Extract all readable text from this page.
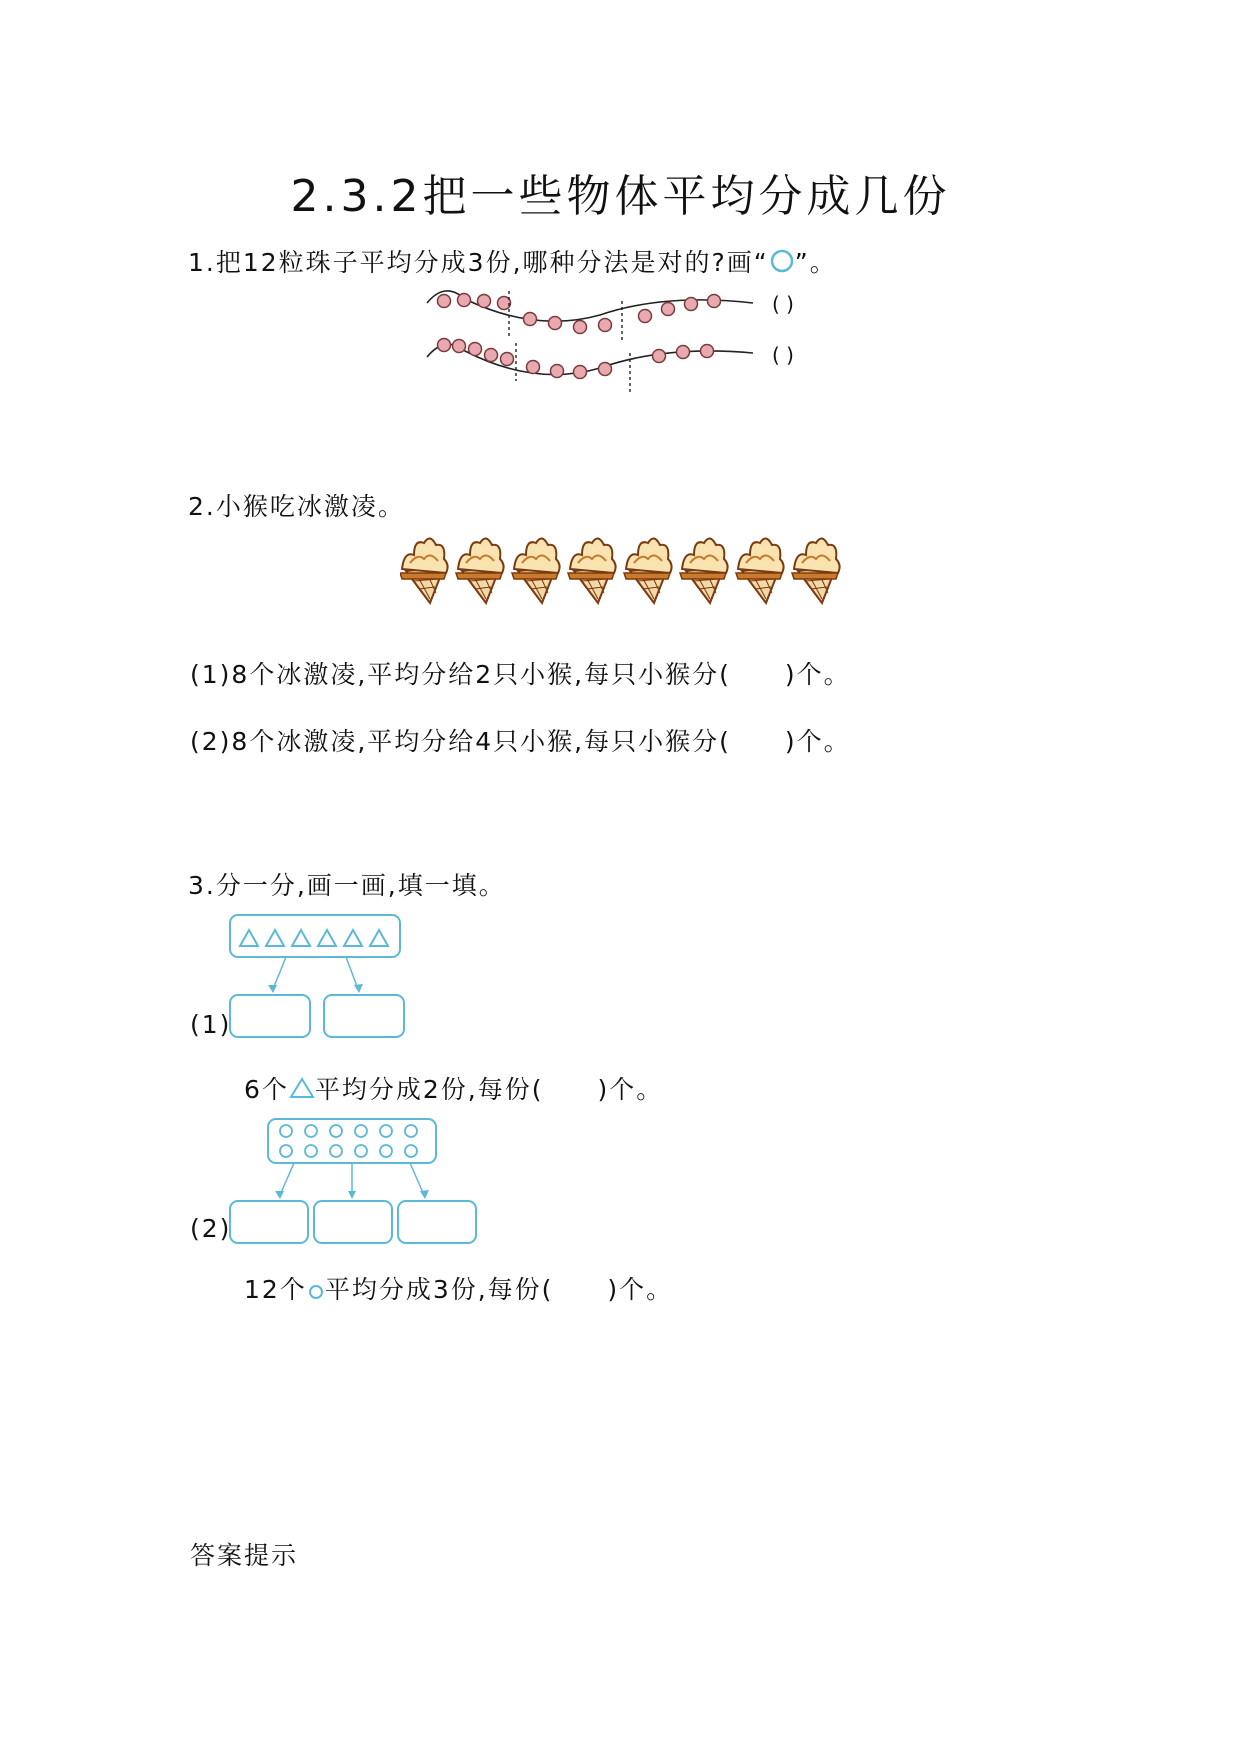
2.3.2把一些物体平均分成几份
1.把12粒珠子平均分成3份,哪种分法是对的?画“ ”。
( )
( )
2.小猴吃冰激凌。
(1)8个冰激凌,平均分给2只小猴,每只小猴分(　　)个。
(2)8个冰激凌,平均分给4只小猴,每只小猴分(　　)个。
3.分一分,画一画,填一填。
(1)
6个 平均分成2份,每份(　　)个。
(2)
12个 平均分成3份,每份(　　)个。
答案提示
